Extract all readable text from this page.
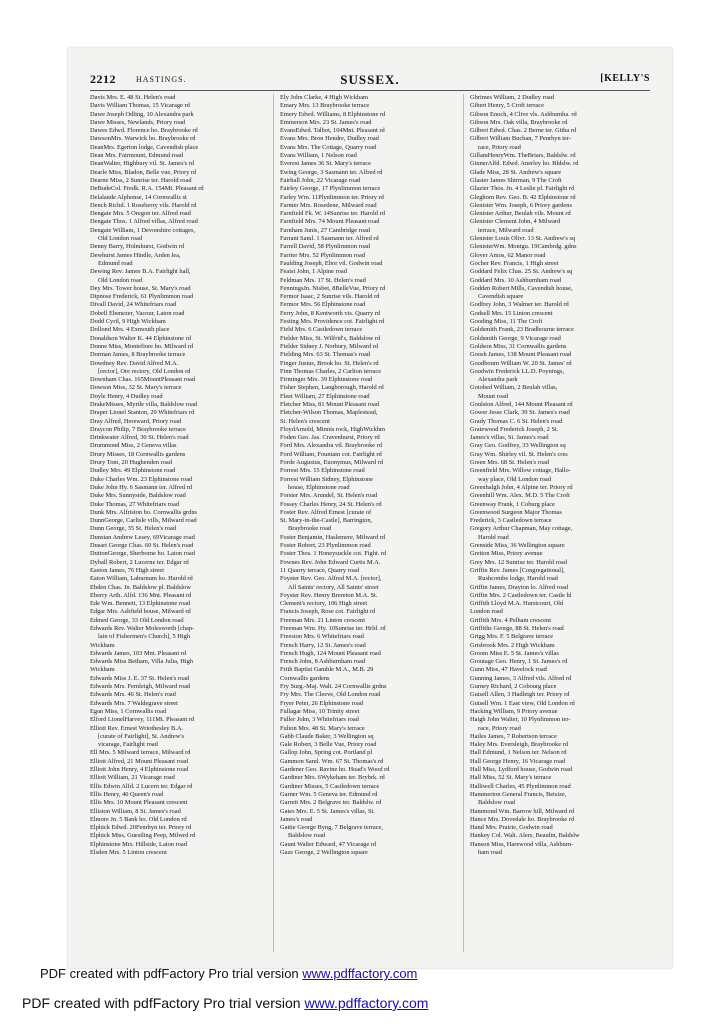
2212	HASTINGS.	SUSSEX.	[KELLY'S
Davis Mrs. E. 48 St. Helen's road
Davis William Thomas, 15 Vicarage rd
Dawe Joseph Odling, 10 Alexandra park
Dawe Misses, Newlands, Priory road
Dawes Edwd. Florence ho. Braybrooke rd
DawsonMrs. Warwick ho. Braybrooke rd
DeanMrs. Egerton lodge, Cavendish place
Dean Mrs. Fairmount, Edmund road
DeanWalter, Highbury vil. St. James's rd
Dearle Miss, Bladon, Belle vue, Priory rd
Dearne Miss, 2 Sunrise ter. Harold road
DeBudeCol. Fredk. R.A. 154Mt. Pleasant rd
Delalande Alphonse, 14 Cornwallis st
Dench Richd. 1 Roseberry vils. Harold rd
Dengate Mrs. 5 Oregon ter. Alfred road
Dengate Thos. 1 Alfred villas, Alfred road
Dengate William, 1 Devonshire cottages,
Old London road
Denny Barry, Holmhurst, Godwin rd
Dewhurst James Hindle, Arden lea,
Edmund road
Dewing Rev. James B.A. Fairlight hall,
Old London road
Dey Mrs. Tower house, St. Mary's road
Dipnose Frederick, 61 Plynlimmon road
Divall David, 24 Whitefriars road
Dobell Ebenezer, Vacour, Laton road
Dodd Cyril, 9 High Wickham
Dollond Mrs. 4 Exmouth place
Donaldson Walter K. 44 Elphinstone rd
Donne Miss, Montefiore ho. Milward rd
Dorman James, 8 Braybrooke terrace
Dowdney Rev. David Alfred M.A.
[rector], Ore rectory, Old London rd
Downham Chas. 165MountPleasant road
Dowson Miss, 32 St. Mary's terrace
Doyle Henry, 4 Dudley road
DrakeMisses, Myrtle villa, Baldslow road
Draper Lionel Stanton, 29 Whitefriars rd
Dray Alfred, Hereward, Priory road
Draycon Philip, 7 Braybrooke terrace
Drinkwater Alfred, 30 St. Helen's road
Drummond Miss, 2 Geneva villas
Drury Misses, 18 Cornwallis gardens
Drury Tom, 20 Hughenden road
Dudley Mrs. 49 Elphinstone road
Duke Charles Wm. 23 Elphinstone road
Duke John Hy. 6 Sasmann ter. Alfred rd
Duke Mrs. Sunnyside, Baldslow road
Duke Thomas, 27 Whitefriars road
Dunk Mrs. Alfriston ho. Cornwallis grdns
DunnGeorge, Carlisle vills, Milward road
Dunn George, 35 St. Helen's road
Dunstan Andrew Lesey, 69Vicarage road
Dusart George Chas. 60 St. Helen's road
DuttonGeorge, Sherborne ho. Laton road
Dyball Robert, 2 Lucerne ter. Edgar rd
Easton James, 76 High street
Eaton William, Laburnum ho. Harold rd
Ebden Chas. Jn. Baldslow pl. Baldslow
Eberry Arth. Alfd. 136 Mnt. Pleasant rd
Ede Wm. Bennett, 13 Elphinstone road
Edgar Mrs. Ashfield house, Milward rd
Edmed George, 33 Old London road
Edwards Rev. Walter Molesworth [chap-
lain of Fishermen's Church], 5 High
Wickham
Edwards James, 103 Mnt. Pleasant rd
Edwards Miss Betham, Villa Julia, High
Wickham
Edwards Miss J. E. 37 St. Helen's road
Edwards Mrs. Fernleigh, Milward road
Edwards Mrs. 46 St. Helen's road
Edwards Mrs. 7 Waldegrave street
Egan Miss, 1 Cornwallis road
Elford LionelHarvey, 111Mt. Pleasant rd
Elliott Rev. Ernest Wriothesley B.A.
[curate of Fairlight], St. Andrew's
vicarage, Fairlight road
Ell Mrs. 5 Milward terrace, Milward rd
Elliott Alfred, 21 Mount Pleasant road
Elliott John Henry, 4 Elphinstone road
Elliott William, 21 Vicarage road
Ellis Edwin Alfd. 2 Lucern ter. Edgar rd
Ellis Henry, 40 Queen's road
Ellis Mrs. 10 Mount Pleasant crescent
Elliston William, 8 St. James's road
Elmore Jn. 5 Bank ho. Old London rd
Elphick Edwd. 20Fenrhyn ter. Priory rd
Elphick Miss, Guestling Peep, Milwrd rd
Elphinstone Mrs. Hillside, Laton road
Elsden Mrs. 5 Linton crescent
Ely John Clarke, 4 High Wickham
Emary Mrs. 13 Braybrooke terrace
Emery Edwd. Williams, 8 Elphinstone rd
Emmerson Mrs. 23 St. James's road
EvansEdwd. Talbot, 104Mnt. Pleasant rd
Evans Mrs. Bron Hendre, Dudley road
Evans Mrs. The Cottage, Quarry road
Evans William, 1 Nelson road
Everest James 36 St. Mary's terrace
Ewing George, 3 Sasmann ter. Alfred rd
Fairhall John, 22 Vicarage road
Fairley George, 17 Plynlimmon terrace
Farley Wm. 11Plynlimmon ter. Priory rd
Farmer Mrs. Rosedene, Milward road
Farnfield Fk. W. 14Sunrise ter. Harold rd
Farnfield Mrs. 74 Mount Pleasant road
Farnham Junis, 27 Cambridge road
Farrant Saml. 1 Sasmann ter. Alfred rd
Farrell David, 58 Plynlimmon road
Farrier Mrs. 52 Plynlimmon road
Faulding Joseph, Ebor vil. Godwin road
Feaist John, 1 Alpine road
Feldman Mrs. 17 St. Helen's road
FenningsJn. Nisbet, 8BelleVue, Priory rd
Fermor Isaac, 2 Sunrise vils. Harold rd
Fermor Mrs. 56 Elphinstone road
Ferry John, 8 Kentworth vis. Quarry rd
Festing Mrs. Providence cot. Fairlight rd
Field Mrs. 6 Castledown terrace
Fielder Miss, St. Wilfrid's, Baldslow rd
Fielder Sidney J. Norbury, Milward rd
Fielding Mrs. 63 St. Thomas's road
Finger Justus, Brook ho. St. Helen's rd
Finn Thomas Charles, 2 Carlton terrace
Firminger Mrs. 39 Elphinstone road
Fisher Stephen, Langborough, Harold rd
Fleet William, 27 Elphinstone road
Fletcher Miss, 81 Mount Pleasant road
Fletcher-Wilson Thomas, Maplestead,
St. Helen's crescent
FloydArnold, Minnis rock, HighWickhm
Foden Geo. Jas. Cravenhurst, Priory rd
Ford Mrs. Alexandra vil. Braybrooke rd
Ford William, Fountain cot. Fairlight rd
Forde Augustus, Euonymus, Milward rd
Forrest Mrs. 15 Elphinstone road
Forrest William Sidney, Elphinstone
house, Elphinstone road
Forster Mrs. Arundel, St. Helen's road
Fossey Charles Henry, 24 St. Helen's rd
Foster Rev. Alfred Ernest [curate of
St. Mary-in-the-Castle], Barrington,
Braybrooke road
Foster Benjamin, Haslemere, Milward rd
Foster Robert, 23 Plynlimmon road
Foster Thos. 1 Honeysuckle cot. Fight. rd
Fownes Rev. John Edward Curtis M.A.
11 Quarry terrace, Quarry road
Foyster Rev. Geo. Alfred M.A. [rector],
All Saints' rectory, All Saints' street
Foyster Rev. Henry Brereton M.A. St.
Clement's rectory, 106 High street
Francis Joseph, Rose cot. Fairlight rd
Freeman Mrs. 21 Linton crescent
Freeman Wm. Hy. 10Sunrise ter. Hrld. rd
Freeston Mrs. 6 Whitefriars road
French Harry, 12 St. James's road
French Hugh, 124 Mount Pleasant road
French John, 8 Ashburnham road
Frith Baptist Gamble M.A., M.B. 29
Cornwallis gardens
Fry Surg.-Maj. Walt. 24 Cornwallis grdns
Fry Mrs. The Cleeve, Old London road
Fryer Peter, 26 Elphinstone road
Fullagar Miss, 10 Trinity street
Fuller John, 3 Whitefriars road
Fulton Mrs. 48 St. Mary's terrace
Gabb Claude Baker, 3 Wellington sq
Gale Robert, 3 Belle Vue, Priory road
Gallop John, Spring cot. Portland pl
Gammon Saml. Wm. 67 St. Thomas's rd
Gardener Geo. Ravine ho. Hoad's Wood rd
Gardiner Mrs. 6Wykeham ter. Brybrk. rd
Gardiner Misses, 5 Castledown terrace
Garner Wm. 5 Geneva ter. Edmund rd
Garrett Mrs. 2 Belgrave ter. Baldslw. rd
Gates Mrs. E. 5 St. James's villas, St.
James's road
Gattie George Byng, 7 Belgrave terrace,
Baldslow road
Gaunt Walter Edward, 47 Vicarage rd
Gaze George, 2 Wellington square
Ghrimes William, 2 Dudley road
Gibert Henry, 5 Croft terrace
Gibson Enoch, 4 Clive vls. Ashburnha. rd
Gibson Mrs. Oak villa, Braybrooke rd
Gilbert Edwd. Chas. 2 Berne ter. Githa rd
Gilbert William Buchan, 7 Penrhyn ter-
race, Priory road
GillamHenryWm. TheBriars, Baldslw. rd
GinnerAlfd. Edwd. Anerley ho. Bldslw. rd
Glade Miss, 28 St. Andrew's square
Glasier James Shirman, 9 The Croft
Glazier Thos. Jn. 4 Leslie pl. Fairlight rd
Gleghorn Rev. Geo. B. 42 Elphinstone rd
Glenister Wm. Joseph, 6 Priory gardens
Glenister Arthur, Beulah vils. Mount rd
Glenister Clement John, 4 Milward
terrace, Milward road
Glenister Louis Olivr. 13 St. Andrew's sq
GlenisterWm. Montgu. 19Cambrdg. gdns
Glover Amos, 62 Manor road
Gocher Rev. Francis, 1 High street
Goddard Felix Chas. 25 St. Andrew's sq
Goddard Mrs. 10 Ashburnham road
Godden Robert Mills, Cavendish house,
Cavendish square
Godfrey John, 3 Walmer ter. Harold rd
Godsell Mrs. 15 Linton crescent
Gooding Miss, 11 The Croft
Goldsmith Frank, 23 Bradbourne terrace
Goldsmith George, 9 Vicarage road
Goldson Miss, 31 Cornwallis gardens
Goosh James, 138 Mount Pleasant road
Goodbourn William W. 20 St. James' rd
Goodwin Frederick LL.D. Poynings,
Alexandra park
Gotobed William, 2 Beulah villas,
Mount road
Goulston Alfred, 144 Mount Pleasant rd
Gower Jesse Clark, 39 St. James's road
Grady Thomas C. 6 St. Helen's road
Gratewood Frederick Joseph, 2 St.
James's villas, St. James's road
Gray Geo. Godfrey, 33 Wellington sq
Gray Wm. Shirley vil. St. Helen's cres
Green Mrs. 68 St. Helen's road
Greenfield Mrs. Willow cottage, Hallo-
way place, Old London road
Greenhalgh John, 4 Alpine ter. Priory rd
Greenhill Wm. Alex. M.D. 5 The Croft
Greenway Frank, 1 Coburg place
Greenwood Surgeon Major Thomas
Frederick, 3 Castledown terrace
Gregory Arthur Chapman, May cottage,
Harold road
Grenside Miss, 36 Wellington square
Gretton Miss, Priory avenue
Grey Mrs. 12 Sunrise ter. Harold road
Griffin Rev. James [Congregational],
Rushcombe lodge, Harold road
Griffin James, Drayton lo. Alfred road
Griffin Mrs. 2 Castledown ter. Castle hl
Griffith Lloyd M.A. Hurstcourt, Old
London road
Griffith Mrs. 4 Pelham crescent
Griffiths George, 88 St. Helen's road
Grigg Mrs. F. 5 Belgrave terrace
Grisbrook Mrs. 2 High Wickham
Groom Miss E. 5 St. James's villas
Groutage Geo. Henry, 1 St. James's rd
Gunn Miss, 47 Havelock road
Gunning James, 3 Alfred vils. Alfred rd
Gurney Richard, 2 Cobourg place
Gutsell Allen, 3 Hadleigh ter. Priory rd
Gutsell Wm. 1 East view, Old London rd
Hacking William, 9 Priory avenue
Haigh John Walter, 10 Plynlimmon ter-
race, Priory road
Hailes James, 7 Robertson terrace
Haley Mrs. Eversleigh, Braybrooke rd
Hall Edmund, 1 Nelson ter. Nelson rd
Hall George Henry, 16 Vicarage road
Hall Miss, Lydford house, Godwin road
Hall Miss, 52 St. Mary's terrace
Halliwell Charles, 45 Plynlimmon road
Hammerton General Francis, Beisize,
Baldslow road
Hammond Wm. Barrow hill, Milward rd
Hance Mrs. Dovedale ho. Braybrooke rd
Hand Mrs. Prairie, Godwin road
Hankey Col. Walt. Alers, Beaulin, Baldslw
Hanson Miss, Harewood villa, Ashburn-
ham road
PDF created with pdfFactory Pro trial version www.pdffactory.com
PDF created with pdfFactory Pro trial version www.pdffactory.com
